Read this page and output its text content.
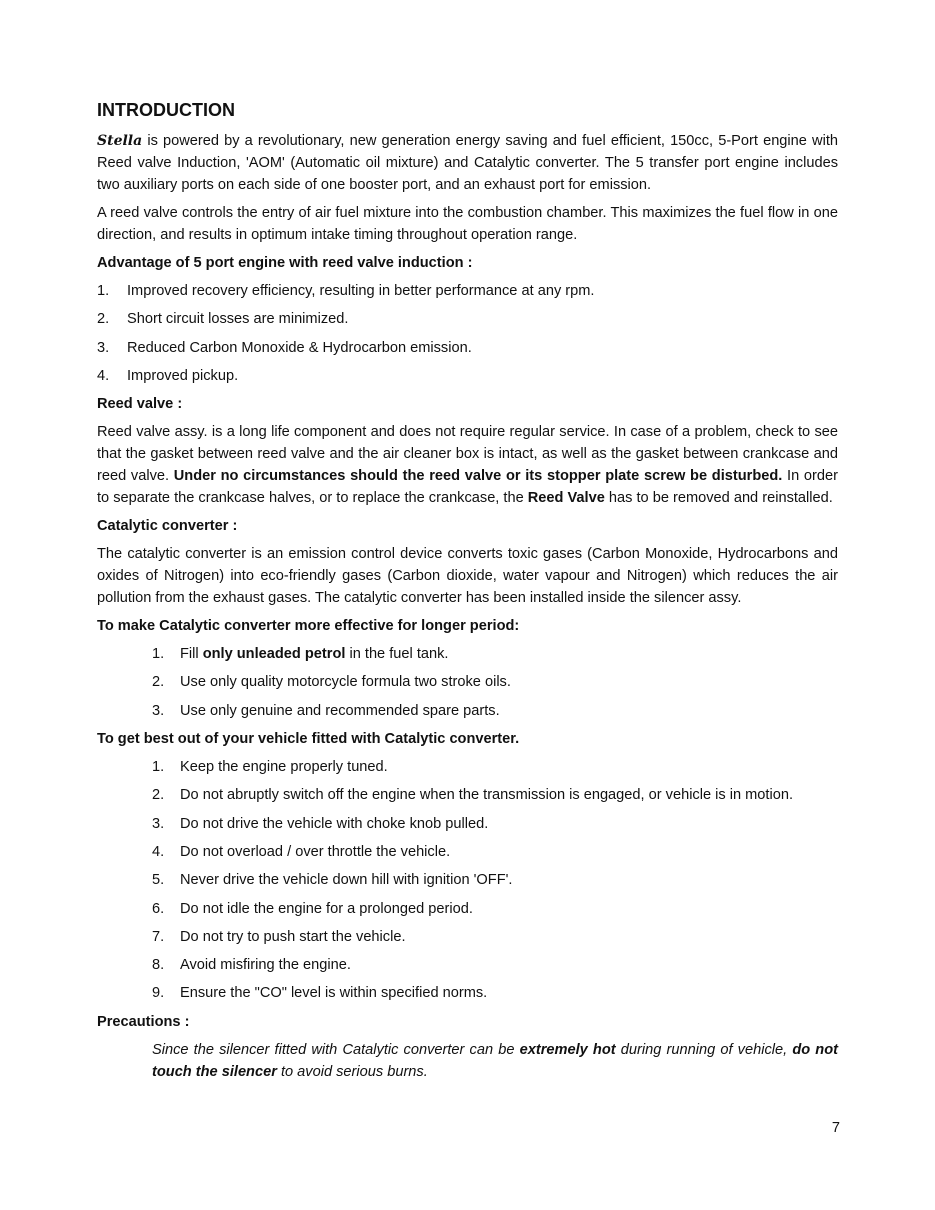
INTRODUCTION

Stella is powered by a revolutionary, new generation energy saving and fuel efficient, 150cc, 5-Port engine with Reed valve Induction, 'AOM' (Automatic oil mixture) and Catalytic converter. The 5 transfer port engine includes two auxiliary ports on each side of one booster port, and an exhaust port for emission.

A reed valve controls the entry of air fuel mixture into the combustion chamber. This maximizes the fuel flow in one direction, and results in optimum intake timing throughout operation range.

Advantage of 5 port engine with reed valve induction :
1.	Improved recovery efficiency, resulting in better performance at any rpm.
2.	Short circuit losses are minimized.
3.	Reduced Carbon Monoxide & Hydrocarbon emission.
4.	Improved pickup.
Reed valve :

Reed valve assy. is a long life component and does not require regular service. In case of a problem, check to see that the gasket between reed valve and the air cleaner box is intact, as well as the gasket between crankcase and reed valve. Under no circumstances should the reed valve or its stopper plate screw be disturbed. In order to separate the crankcase halves, or to replace the crankcase, the Reed Valve has to be removed and reinstalled.

Catalytic converter :

The catalytic converter is an emission control device converts toxic gases (Carbon Monoxide, Hydrocarbons and oxides of Nitrogen) into eco-friendly gases (Carbon dioxide, water vapour and Nitrogen) which reduces the air pollution from the exhaust gases. The catalytic converter has been installed inside the silencer assy.

To make Catalytic converter more effective for longer period:
1.	Fill only unleaded petrol in the fuel tank.
2.	Use only quality motorcycle formula two stroke oils.
3.	Use only genuine and recommended spare parts.
To get best out of your vehicle fitted with Catalytic converter.
1.	Keep the engine properly tuned.
2.	Do not abruptly switch off the engine when the transmission is engaged, or vehicle is in motion.
3.	Do not drive the vehicle with choke knob pulled.
4.	Do not overload / over throttle the vehicle.
5.	Never drive the vehicle down hill with ignition 'OFF'.
6.	Do not idle the engine for a prolonged period.
7.	Do not try to push start the vehicle.
8.	Avoid misfiring the engine.
9.	Ensure the "CO" level is within specified norms.
Precautions :

Since the silencer fitted with Catalytic converter can be extremely hot during running of vehicle, do not touch the silencer to avoid serious burns.

7
